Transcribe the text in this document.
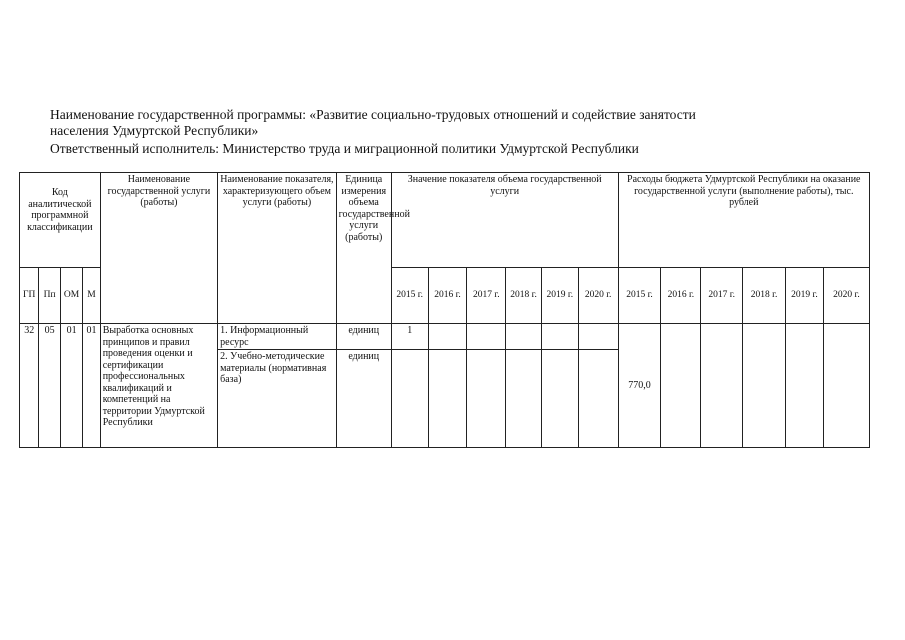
Наименование государственной программы: «Развитие социально-трудовых отношений и содействие занятости
населения Удмуртской Республики»
Ответственный исполнитель: Министерство труда и миграционной политики Удмуртской Республики
Код аналитической программной классификации				Наименование государственной услуги (работы)	Наименование показателя, характеризующего объем услуги (работы)	Единица измерения объема государственной услуги (работы)	Значение показателя объема государственной услуги						Расходы бюджета Удмуртской Республики на оказание государственной услуги (выполнение работы), тыс. рублей					
ГП	Пп	ОМ	М				2015 г.	2016 г.	2017 г.	2018 г.	2019 г.	2020 г.	2015 г.	2016 г.	2017 г.	2018 г.	2019 г.	2020 г.
32	05	01	01	Выработка основных принципов и правил проведения оценки и сертификации профессиональных квалификаций и компетенций на территории Удмуртской Республики	1. Информационный ресурс	единиц	1						770,0					
					2. Учебно-методические материалы (нормативная база)	единиц												
